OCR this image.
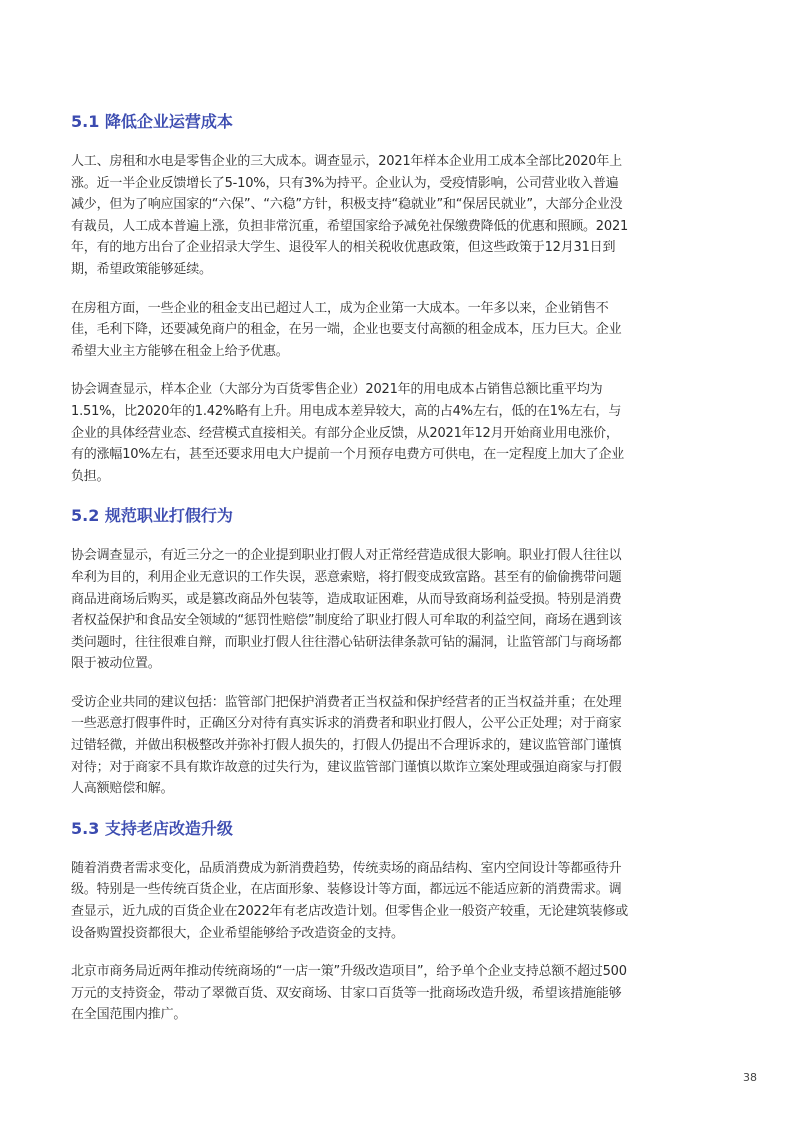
5.1 降低企业运营成本

人工、房租和水电是零售企业的三大成本。调查显示，2021年样本企业用工成本全部比2020年上涨。近一半企业反馈增长了5-10%，只有3%为持平。企业认为，受疫情影响，公司营业收入普遍减少，但为了响应国家的“六保”、“六稳”方针，积极支持“稳就业”和“保居民就业”，大部分企业没有裁员，人工成本普遍上涨，负担非常沉重，希望国家给予减免社保缴费降低的优惠和照顾。2021年，有的地方出台了企业招录大学生、退役军人的相关税收优惠政策，但这些政策于12月31日到期，希望政策能够延续。

在房租方面，一些企业的租金支出已超过人工，成为企业第一大成本。一年多以来，企业销售不佳，毛利下降，还要减免商户的租金，在另一端，企业也要支付高额的租金成本，压力巨大。企业希望大业主方能够在租金上给予优惠。

协会调查显示，样本企业（大部分为百货零售企业）2021年的用电成本占销售总额比重平均为1.51%，比2020年的1.42%略有上升。用电成本差异较大，高的占4%左右，低的在1%左右，与企业的具体经营业态、经营模式直接相关。有部分企业反馈，从2021年12月开始商业用电涨价，有的涨幅10%左右，甚至还要求用电大户提前一个月预存电费方可供电，在一定程度上加大了企业负担。

5.2 规范职业打假行为

协会调查显示，有近三分之一的企业提到职业打假人对正常经营造成很大影响。职业打假人往往以牟利为目的，利用企业无意识的工作失误，恶意索赔，将打假变成致富路。甚至有的偷偷携带问题商品进商场后购买，或是篡改商品外包装等，造成取证困难，从而导致商场利益受损。特别是消费者权益保护和食品安全领域的“惩罚性赔偿”制度给了职业打假人可牟取的利益空间，商场在遇到该类问题时，往往很难自辩，而职业打假人往往潜心钻研法律条款可钻的漏洞，让监管部门与商场都限于被动位置。

受访企业共同的建议包括：监管部门把保护消费者正当权益和保护经营者的正当权益并重；在处理一些恶意打假事件时，正确区分对待有真实诉求的消费者和职业打假人，公平公正处理；对于商家过错轻微，并做出积极整改并弥补打假人损失的，打假人仍提出不合理诉求的，建议监管部门谨慎对待；对于商家不具有欺诈故意的过失行为，建议监管部门谨慎以欺诈立案处理或强迫商家与打假人高额赔偿和解。

5.3 支持老店改造升级

随着消费者需求变化，品质消费成为新消费趋势，传统卖场的商品结构、室内空间设计等都亟待升级。特别是一些传统百货企业，在店面形象、装修设计等方面，都远远不能适应新的消费需求。调查显示，近九成的百货企业在2022年有老店改造计划。但零售企业一般资产较重，无论建筑装修或设备购置投资都很大，企业希望能够给予改造资金的支持。

北京市商务局近两年推动传统商场的“一店一策”升级改造项目”，给予单个企业支持总额不超过500万元的支持资金，带动了翠微百货、双安商场、甘家口百货等一批商场改造升级，希望该措施能够在全国范围内推广。

38
